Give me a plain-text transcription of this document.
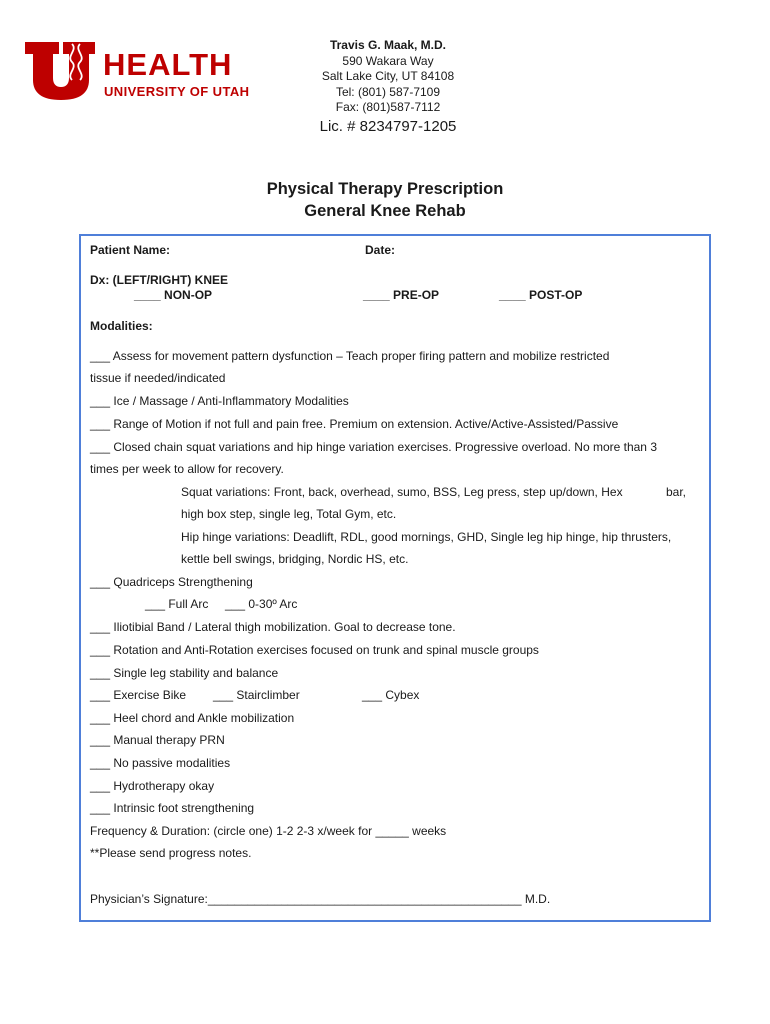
HEALTH
UNIVERSITY OF UTAH
Travis G. Maak, M.D.
590 Wakara Way
Salt Lake City, UT 84108
Tel: (801) 587-7109
Fax: (801)587-7112
Lic. # 8234797-1205
Physical Therapy Prescription
General Knee Rehab
Patient Name:	Date:
Dx: (LEFT/RIGHT) KNEE
____ NON-OP	____ PRE-OP	____ POST-OP
Modalities:
___ Assess for movement pattern dysfunction – Teach proper firing pattern and mobilize restricted
tissue if needed/indicated
___ Ice / Massage / Anti-Inflammatory Modalities
___ Range of Motion if not full and pain free. Premium on extension. Active/Active-Assisted/Passive
___ Closed chain squat variations and hip hinge variation exercises. Progressive overload. No more than 3
times per week to allow for recovery.
Squat variations: Front, back, overhead, sumo, BSS, Leg press, step up/down, Hex	bar,
high box step, single leg, Total Gym, etc.
Hip hinge variations: Deadlift, RDL, good mornings, GHD, Single leg hip hinge, hip thrusters,
kettle bell swings, bridging, Nordic HS, etc.
___ Quadriceps Strengthening
___ Full Arc ___ 0-30º Arc
___ Iliotibial Band / Lateral thigh mobilization. Goal to decrease tone.
___ Rotation and Anti-Rotation exercises focused on trunk and spinal muscle groups
___ Single leg stability and balance
___ Exercise Bike ___ Stairclimber	___ Cybex
___ Heel chord and Ankle mobilization
___ Manual therapy PRN
___ No passive modalities
___ Hydrotherapy okay
___ Intrinsic foot strengthening
Frequency & Duration: (circle one) 1-2 2-3 x/week for _____ weeks
**Please send progress notes.
Physician’s Signature:_______________________________________________ M.D.
